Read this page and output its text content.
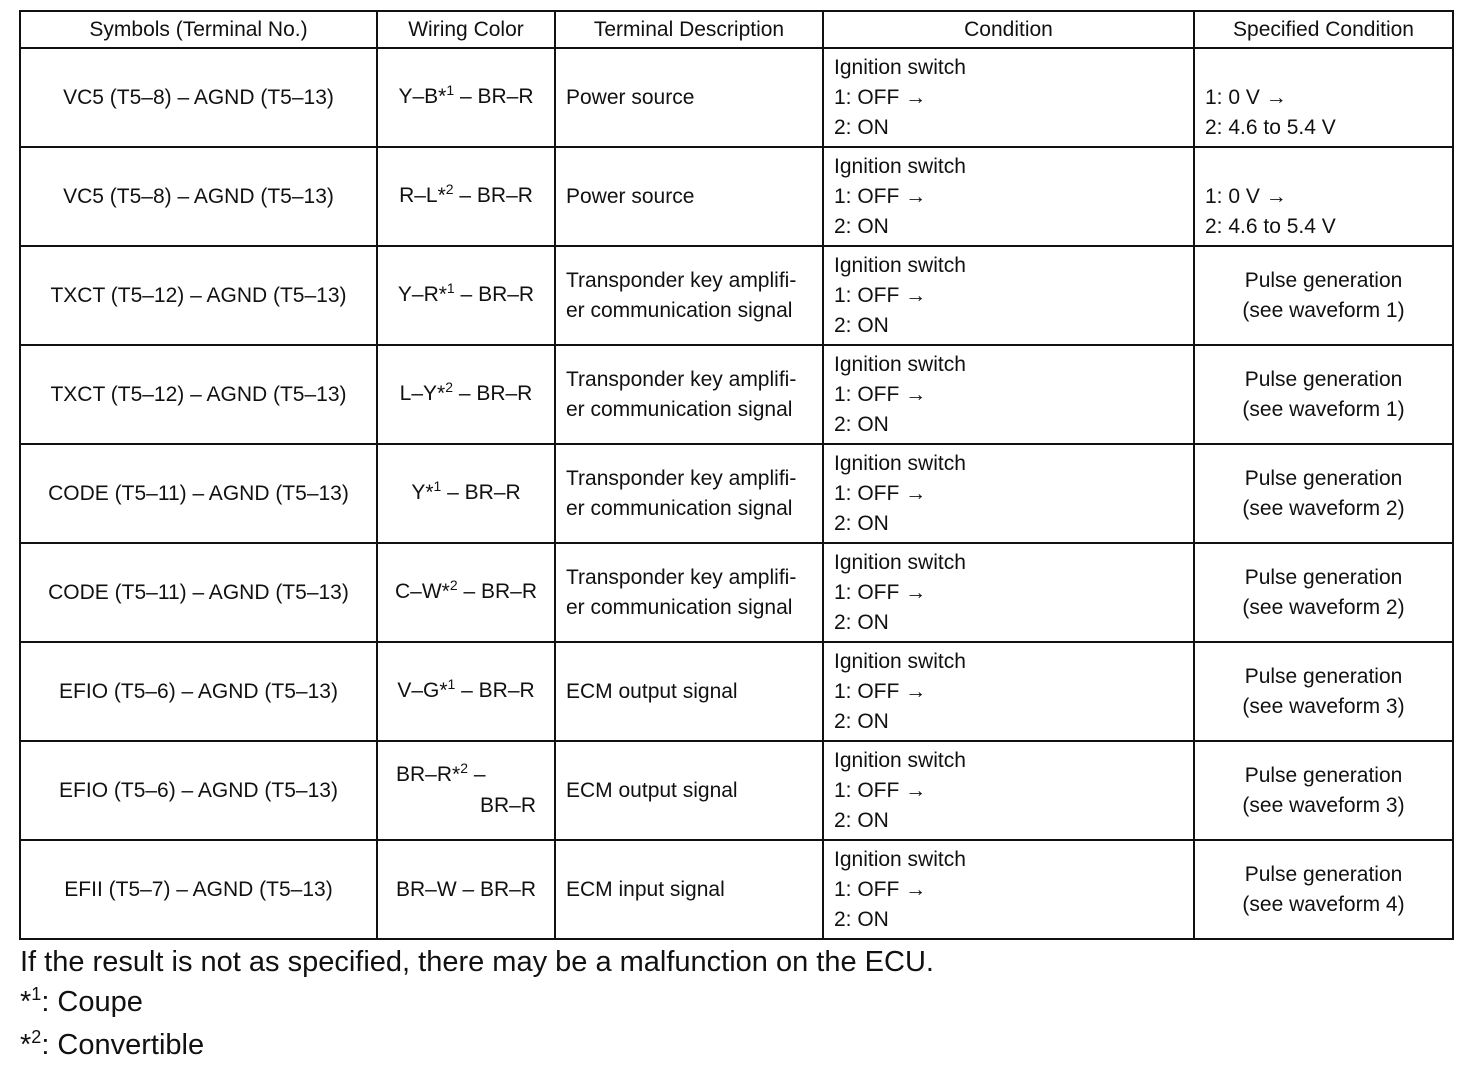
Symbols (Terminal No.)	Wiring Color	Terminal Description	Condition	Specified Condition
VC5 (T5–8) – AGND (T5–13)	Y–B*$^1$ – BR–R	Power source	Ignition switch
1: OFF →
2: ON	1: 0 V →
2: 4.6 to 5.4 V

VC5 (T5–8) – AGND (T5–13)	R–L*$^2$ – BR–R	Power source	Ignition switch
1: OFF →
2: ON	1: 0 V →
2: 4.6 to 5.4 V

TXCT (T5–12) – AGND (T5–13)	Y–R*$^1$ – BR–R	Transponder key amplifi-
er communication signal	Ignition switch
1: OFF →
2: ON	Pulse generation
(see waveform 1)

TXCT (T5–12) – AGND (T5–13)	L–Y*$^2$ – BR–R	Transponder key amplifi-
er communication signal	Ignition switch
1: OFF →
2: ON	Pulse generation
(see waveform 1)

CODE (T5–11) – AGND (T5–13)	Y*$^1$ – BR–R	Transponder key amplifi-
er communication signal	Ignition switch
1: OFF →
2: ON	Pulse generation
(see waveform 2)

CODE (T5–11) – AGND (T5–13)	C–W*$^2$ – BR–R	Transponder key amplifi-
er communication signal	Ignition switch
1: OFF →
2: ON	Pulse generation
(see waveform 2)

EFIO (T5–6) – AGND (T5–13)	V–G*$^1$ – BR–R	ECM output signal	Ignition switch
1: OFF →
2: ON	Pulse generation
(see waveform 3)

EFIO (T5–6) – AGND (T5–13)	BR–R*$^2$ –
BR–R	ECM output signal	Ignition switch
1: OFF →
2: ON	Pulse generation
(see waveform 3)

EFII (T5–7) – AGND (T5–13)	BR–W – BR–R	ECM input signal	Ignition switch
1: OFF →
2: ON	Pulse generation
(see waveform 4)
If the result is not as specified, there may be a malfunction on the ECU.
*$^1$: Coupe
*$^2$: Convertible
